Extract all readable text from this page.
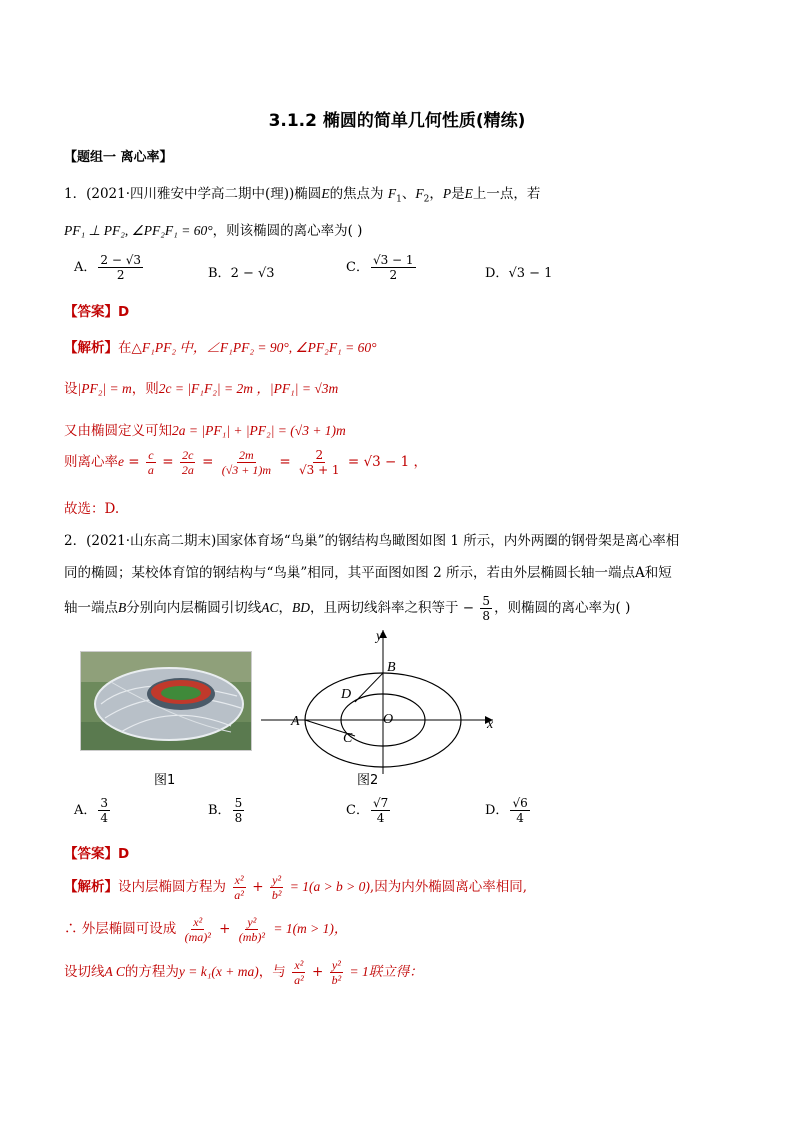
3.1.2 椭圆的简单几何性质(精练)
【题组一 离心率】
1．(2021·四川雅安中学高二期中(理))椭圆E的焦点为 $F_1$、$F_2$，P是E上一点，若
PF₁ ⊥ PF₂, ∠PF₂F₁ = 60°，则该椭圆的离心率为( )
A． $\frac{2 - √3}{2}$	B．2 − √3	C． $\frac{√3 - 1}{2}$	D．√3 − 1
【答案】D
【解析】在△F₁PF₂ 中，∠F₁PF₂ = 90°, ∠PF₂F₁ = 60°
设|PF₂| = m，则2c = |F₁F₂| = 2m ，|PF₁| = √3m
又由椭圆定义可知2a = |PF₁| + |PF₂| = (√3 + 1)m
则离心率$e = \frac{c}{a} = \frac{2c}{2a} = \frac{2m}{(√3 + 1)m} = \frac{2}{√3 + 1} = √3 - 1$ ，
故选：D.
2．(2021·山东高二期末)国家体育场“鸟巢”的钢结构鸟瞰图如图 1 所示，内外两圈的钢骨架是离心率相
同的椭圆；某校体育馆的钢结构与“鸟巢”相同，其平面图如图 2 所示，若由外层椭圆长轴一端点A和短
轴一端点B分别向内层椭圆引切线AC，BD，且两切线斜率之积等于 − $\frac{5}{8}$ ，则椭圆的离心率为( )
图1
y
x
A
B
C
D
O
图2
A． $\frac{3}{4}$	B． $\frac{5}{8}$	C． $\frac{√7}{4}$	D． $\frac{√6}{4}$
【答案】D
【解析】设内层椭圆方程为 $\frac{\text{x²}}{\text{a²}} + \frac{\text{y²}}{\text{b²}} = 1(a > b > 0)$,因为内外椭圆离心率相同,
∴ 外层椭圆可设成 $\frac{\text{x²}}{\text{(ma)²}} + \frac{\text{y²}}{\text{(mb)²}} = 1(m > 1)$，
设切线A C的方程为y = k₁(x + ma)，与 $\frac{\text{x²}}{\text{a²}} + \frac{\text{y²}}{\text{b²}} = 1$联立得：
